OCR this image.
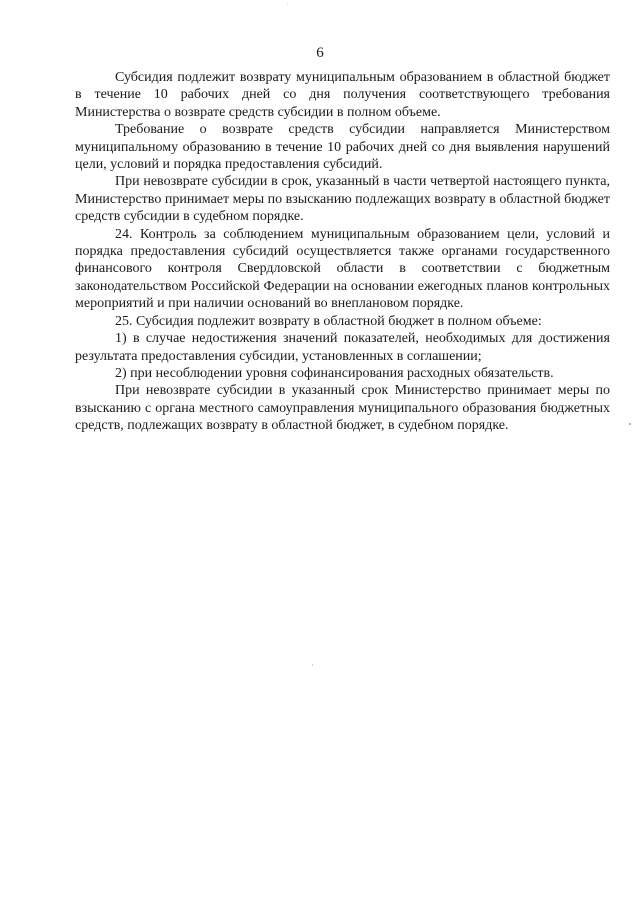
6

Субсидия подлежит возврату муниципальным образованием в областной бюджет в течение 10 рабочих дней со дня получения соответствующего требования Министерства о возврате средств субсидии в полном объеме.

Требование о возврате средств субсидии направляется Министерством муниципальному образованию в течение 10 рабочих дней со дня выявления нарушений цели, условий и порядка предоставления субсидий.

При невозврате субсидии в срок, указанный в части четвертой настоящего пункта, Министерство принимает меры по взысканию подлежащих возврату в областной бюджет средств субсидии в судебном порядке.

24. Контроль за соблюдением муниципальным образованием цели, условий и порядка предоставления субсидий осуществляется также органами государственного финансового контроля Свердловской области в соответствии с бюджетным законодательством Российской Федерации на основании ежегодных планов контрольных мероприятий и при наличии оснований во внеплановом порядке.

25. Субсидия подлежит возврату в областной бюджет в полном объеме:

1) в случае недостижения значений показателей, необходимых для достижения результата предоставления субсидии, установленных в соглашении;

2) при несоблюдении уровня софинансирования расходных обязательств.

При невозврате субсидии в указанный срок Министерство принимает меры по взысканию с органа местного самоуправления муниципального образования бюджетных средств, подлежащих возврату в областной бюджет, в судебном порядке.
